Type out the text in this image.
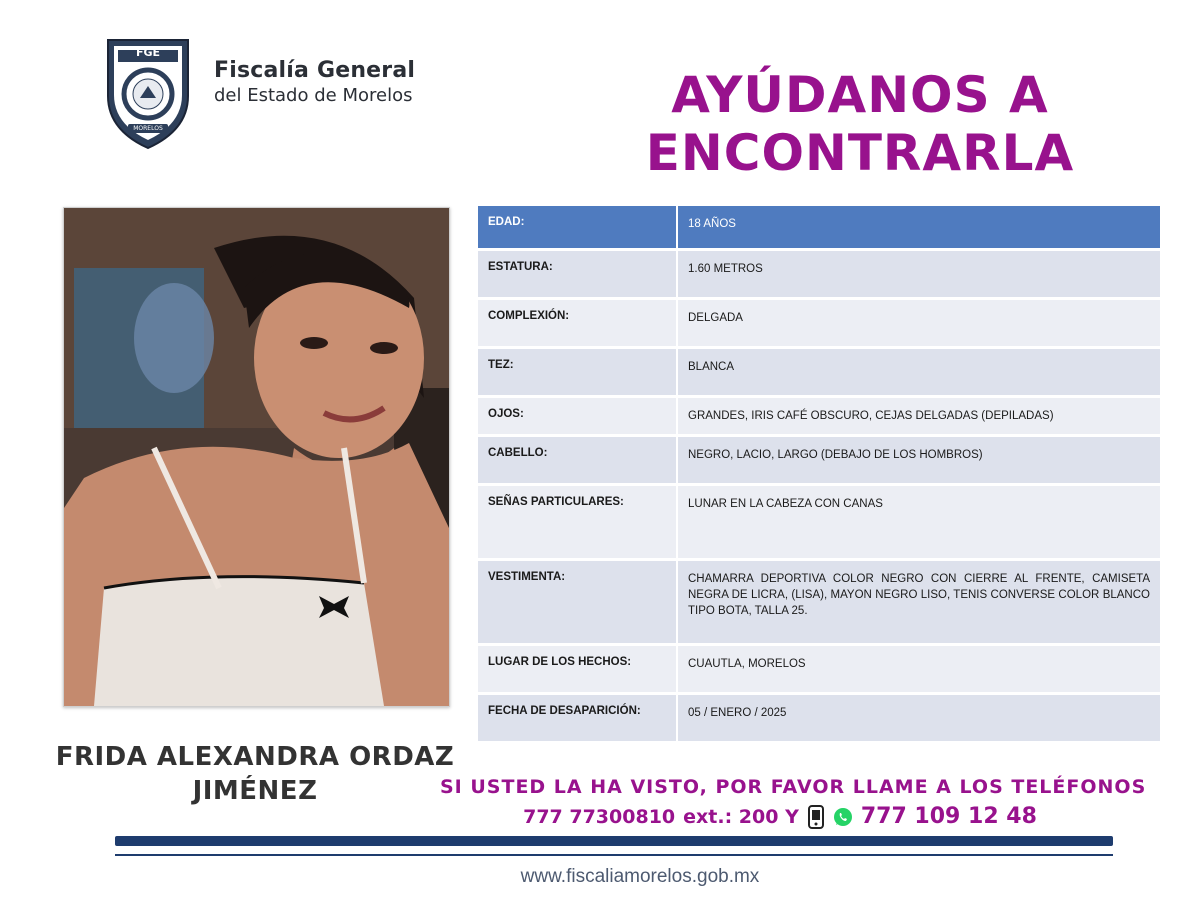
FGE
MORELOS
Fiscalía General
del Estado de Morelos	AYÚDANOS A
ENCONTRARLA
FRIDA ALEXANDRA ORDAZ
JIMÉNEZ
EDAD:	18 AÑOS
ESTATURA:	1.60 METROS
COMPLEXIÓN:	DELGADA
TEZ:	BLANCA
OJOS:	GRANDES, IRIS CAFÉ OBSCURO, CEJAS DELGADAS (DEPILADAS)
CABELLO:	NEGRO, LACIO, LARGO (DEBAJO DE LOS HOMBROS)
SEÑAS PARTICULARES:	LUNAR EN LA CABEZA CON CANAS
VESTIMENTA:	CHAMARRA DEPORTIVA COLOR NEGRO CON CIERRE AL FRENTE, CAMISETA NEGRA DE LICRA, (LISA), MAYON NEGRO LISO, TENIS CONVERSE COLOR BLANCO TIPO BOTA, TALLA 25.
LUGAR DE LOS HECHOS:	CUAUTLA, MORELOS
FECHA DE DESAPARICIÓN:	05 / ENERO / 2025
SI USTED LA HA VISTO, POR FAVOR LLAME A LOS TELÉFONOS
777 77300810 ext.: 200 Y	777 109 12 48
www.fiscaliamorelos.gob.mx
